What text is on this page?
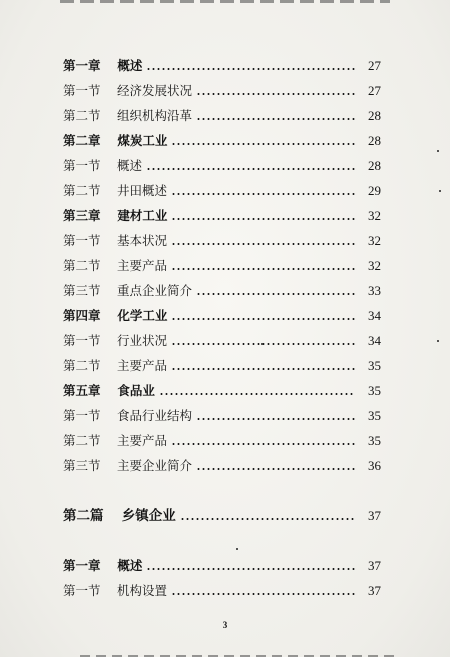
第一章　 概述	27
第一节　 经济发展状况	27
第二节　 组织机构沿革	28
第二章　 煤炭工业	28
第一节　 概述	28
第二节　 井田概述	29
第三章　 建材工业	32
第一节　 基本状况	32
第二节　 主要产品	32
第三节　 重点企业简介	33
第四章　 化学工业	34
第一节　 行业状况	34
第二节　 主要产品	35
第五章　 食品业	35
第一节　 食品行业结构	35
第二节　 主要产品	35
第三节　 主要企业简介	36
第二篇　 乡镇企业	37
第一章　 概述	37
第一节　 机构设置	37
3
